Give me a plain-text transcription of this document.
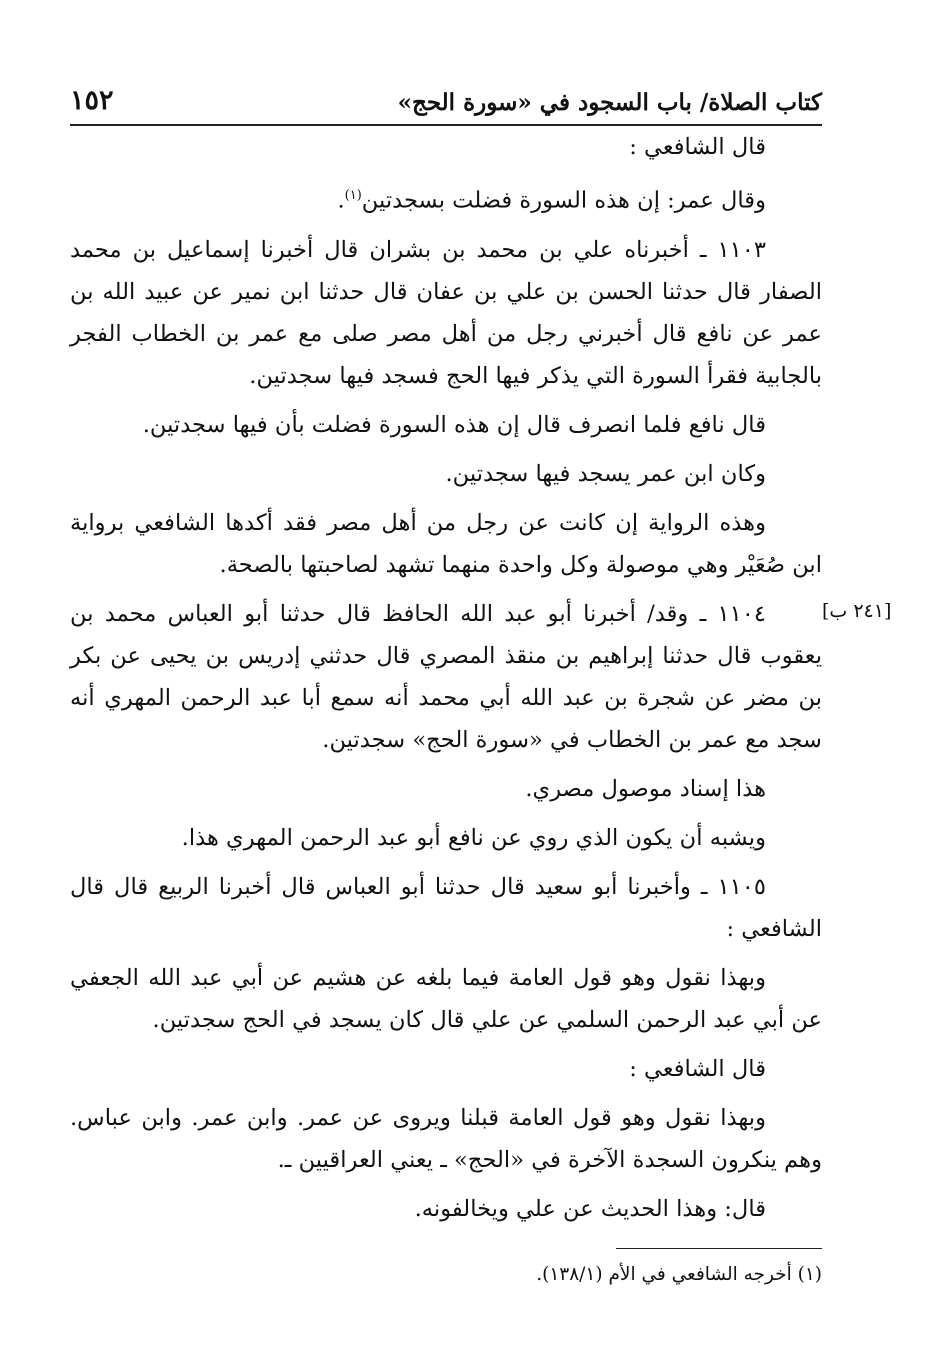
كتاب الصلاة/ باب السجود في «سورة الحج»
١٥٢
[٢٤١ ب]

قال الشافعي :

وقال عمر: إن هذه السورة فضلت بسجدتين$^{(١)}$.

١١٠٣ ـ أخبرناه علي بن محمد بن بشران قال أخبرنا إسماعيل بن محمد الصفار قال حدثنا الحسن بن علي بن عفان قال حدثنا ابن نمير عن عبيد الله بن عمر عن نافع قال أخبرني رجل من أهل مصر صلى مع عمر بن الخطاب الفجر بالجابية فقرأ السورة التي يذكر فيها الحج فسجد فيها سجدتين.

قال نافع فلما انصرف قال إن هذه السورة فضلت بأن فيها سجدتين.

وكان ابن عمر يسجد فيها سجدتين.

وهذه الرواية إن كانت عن رجل من أهل مصر فقد أكدها الشافعي برواية ابن صُعَيْر وهي موصولة وكل واحدة منهما تشهد لصاحبتها بالصحة.

١١٠٤ ـ وقد/ أخبرنا أبو عبد الله الحافظ قال حدثنا أبو العباس محمد بن يعقوب قال حدثنا إبراهيم بن منقذ المصري قال حدثني إدريس بن يحيى عن بكر بن مضر عن شجرة بن عبد الله أبي محمد أنه سمع أبا عبد الرحمن المهري أنه سجد مع عمر بن الخطاب في «سورة الحج» سجدتين.

هذا إسناد موصول مصري.

ويشبه أن يكون الذي روي عن نافع أبو عبد الرحمن المهري هذا.

١١٠٥ ـ وأخبرنا أبو سعيد قال حدثنا أبو العباس قال أخبرنا الربيع قال قال الشافعي :

وبهذا نقول وهو قول العامة فيما بلغه عن هشيم عن أبي عبد الله الجعفي عن أبي عبد الرحمن السلمي عن علي قال كان يسجد في الحج سجدتين.

قال الشافعي :

وبهذا نقول وهو قول العامة قبلنا ويروى عن عمر. وابن عمر. وابن عباس. وهم ينكرون السجدة الآخرة في «الحج» ـ يعني العراقيين ـ.

قال: وهذا الحديث عن علي ويخالفونه.

(١) أخرجه الشافعي في الأم (١٣٨/١).
